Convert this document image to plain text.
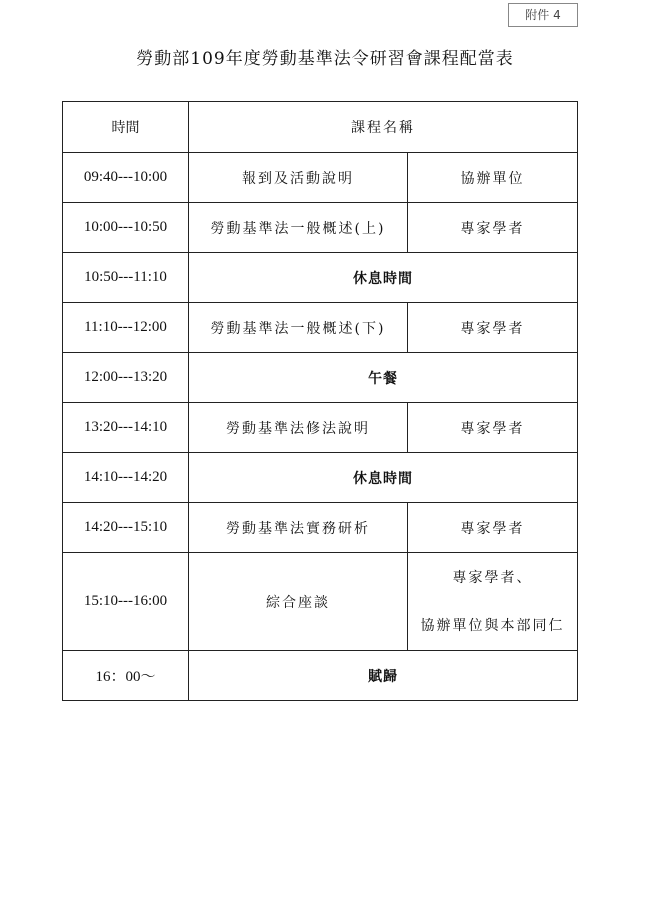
附件 4
勞動部109年度勞動基準法令研習會課程配當表
時間	課程名稱	
09:40---10:00	報到及活動說明	協辦單位
10:00---10:50	勞動基準法一般概述(上)	專家學者
10:50---11:10	休息時間	
11:10---12:00	勞動基準法一般概述(下)	專家學者
12:00---13:20	午餐	
13:20---14:10	勞動基準法修法說明	專家學者
14:10---14:20	休息時間	
14:20---15:10	勞動基準法實務研析	專家學者
15:10---16:00	綜合座談	專家學者、
協辦單位與本部同仁

16：00～	賦歸	
